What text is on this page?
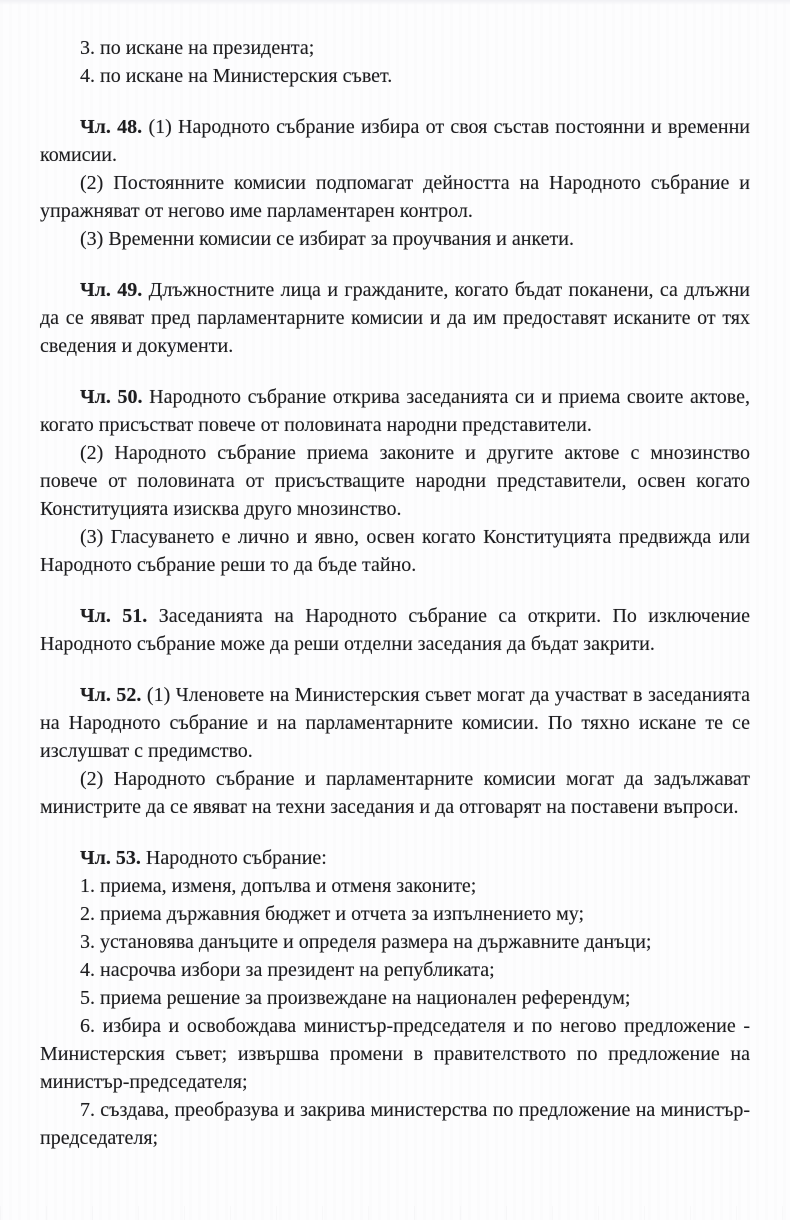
3. по искане на президента;

4. по искане на Министерския съвет.

Чл. 48. (1) Народното събрание избира от своя състав постоянни и временни комисии.

(2) Постоянните комисии подпомагат дейността на Народното събрание и упражняват от негово име парламентарен контрол.

(3) Временни комисии се избират за проучвания и анкети.

Чл. 49. Длъжностните лица и гражданите, когато бъдат поканени, са длъжни да се явяват пред парламентарните комисии и да им предоставят исканите от тях сведения и документи.

Чл. 50. Народното събрание открива заседанията си и приема своите актове, когато присъстват повече от половината народни представители.

(2) Народното събрание приема законите и другите актове с мнозинство повече от половината от присъстващите народни представители, освен когато Конституцията изисква друго мнозинство.

(3) Гласуването е лично и явно, освен когато Конституцията предвижда или Народното събрание реши то да бъде тайно.

Чл. 51. Заседанията на Народното събрание са открити. По изключение Народното събрание може да реши отделни заседания да бъдат закрити.

Чл. 52. (1) Членовете на Министерския съвет могат да участват в заседанията на Народното събрание и на парламентарните комисии. По тяхно искане те се изслушват с предимство.

(2) Народното събрание и парламентарните комисии могат да задължават министрите да се явяват на техни заседания и да отговарят на поставени въпроси.

Чл. 53. Народното събрание:

1. приема, изменя, допълва и отменя законите;

2. приема държавния бюджет и отчета за изпълнението му;

3. установява данъците и определя размера на държавните данъци;

4. насрочва избори за президент на републиката;

5. приема решение за произвеждане на национален референдум;

6. избира и освобождава министър-председателя и по негово предложение - Министерския съвет; извършва промени в правителството по предложение на министър-председателя;

7. създава, преобразува и закрива министерства по предложение на министър-председателя;
